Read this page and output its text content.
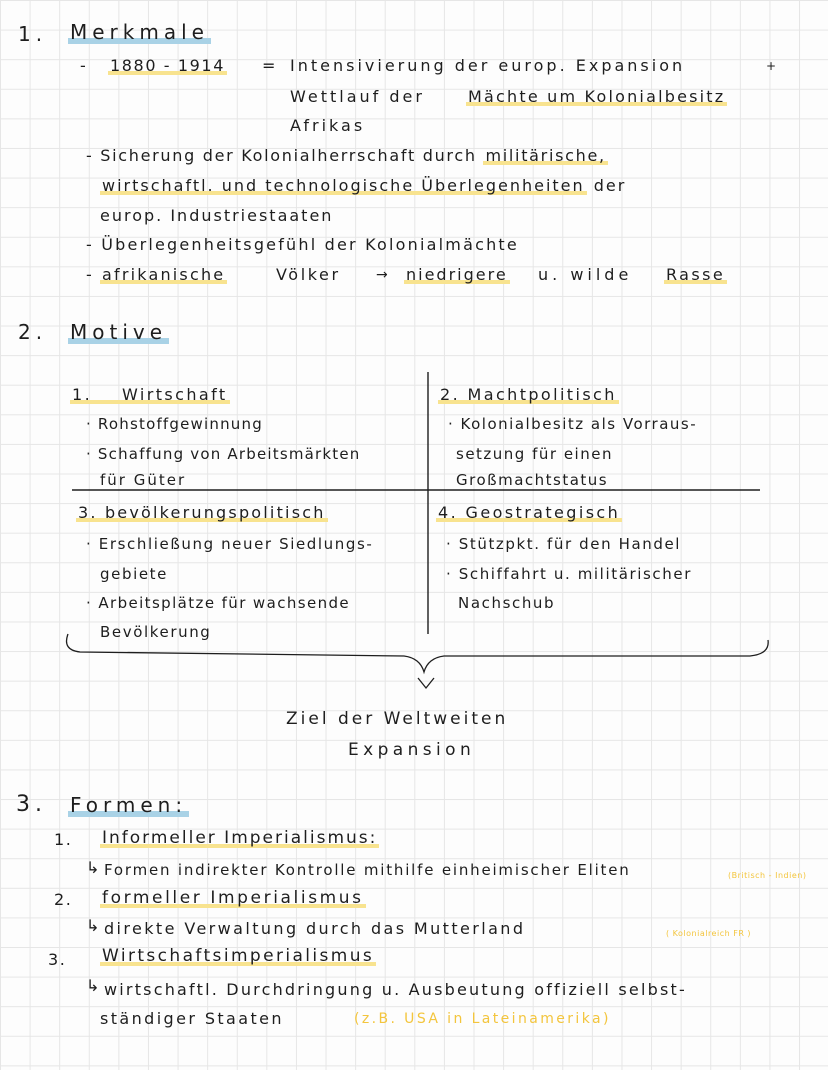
1. Merkmale
- 1880 - 1914 = Intensivierung der europ. Expansion	+
Wettlauf der	Mächte um Kolonialbesitz
Afrikas
- Sicherung der Kolonialherrschaft durch militärische,
wirtschaftl. und technologische Überlegenheiten der
europ. Industriestaaten
- Überlegenheitsgefühl der Kolonialmächte
- afrikanische	Völker	→ niedrigere u. wilde Rasse
2. Motive
1. Wirtschaft
· Rohstoffgewinnung
· Schaffung von Arbeitsmärkten
für Güter
2. Machtpolitisch
· Kolonialbesitz als Vorraus-
setzung für einen
Großmachtstatus
3. bevölkerungspolitisch
· Erschließung neuer Siedlungs-
gebiete
· Arbeitsplätze für wachsende
Bevölkerung
4. Geostrategisch
· Stützpkt. für den Handel
· Schiffahrt u. militärischer
Nachschub
Ziel der Weltweiten
Expansion
3. Formen:
1. Informeller Imperialismus:
↳ Formen indirekter Kontrolle mithilfe einheimischer Eliten	(Britisch - Indien)
2. formeller Imperialismus
↳ direkte Verwaltung durch das Mutterland	( Kolonialreich FR )
3. Wirtschaftsimperialismus
↳ wirtschaftl. Durchdringung u. Ausbeutung offiziell selbst-
ständiger Staaten	(z.B. USA in Lateinamerika)
